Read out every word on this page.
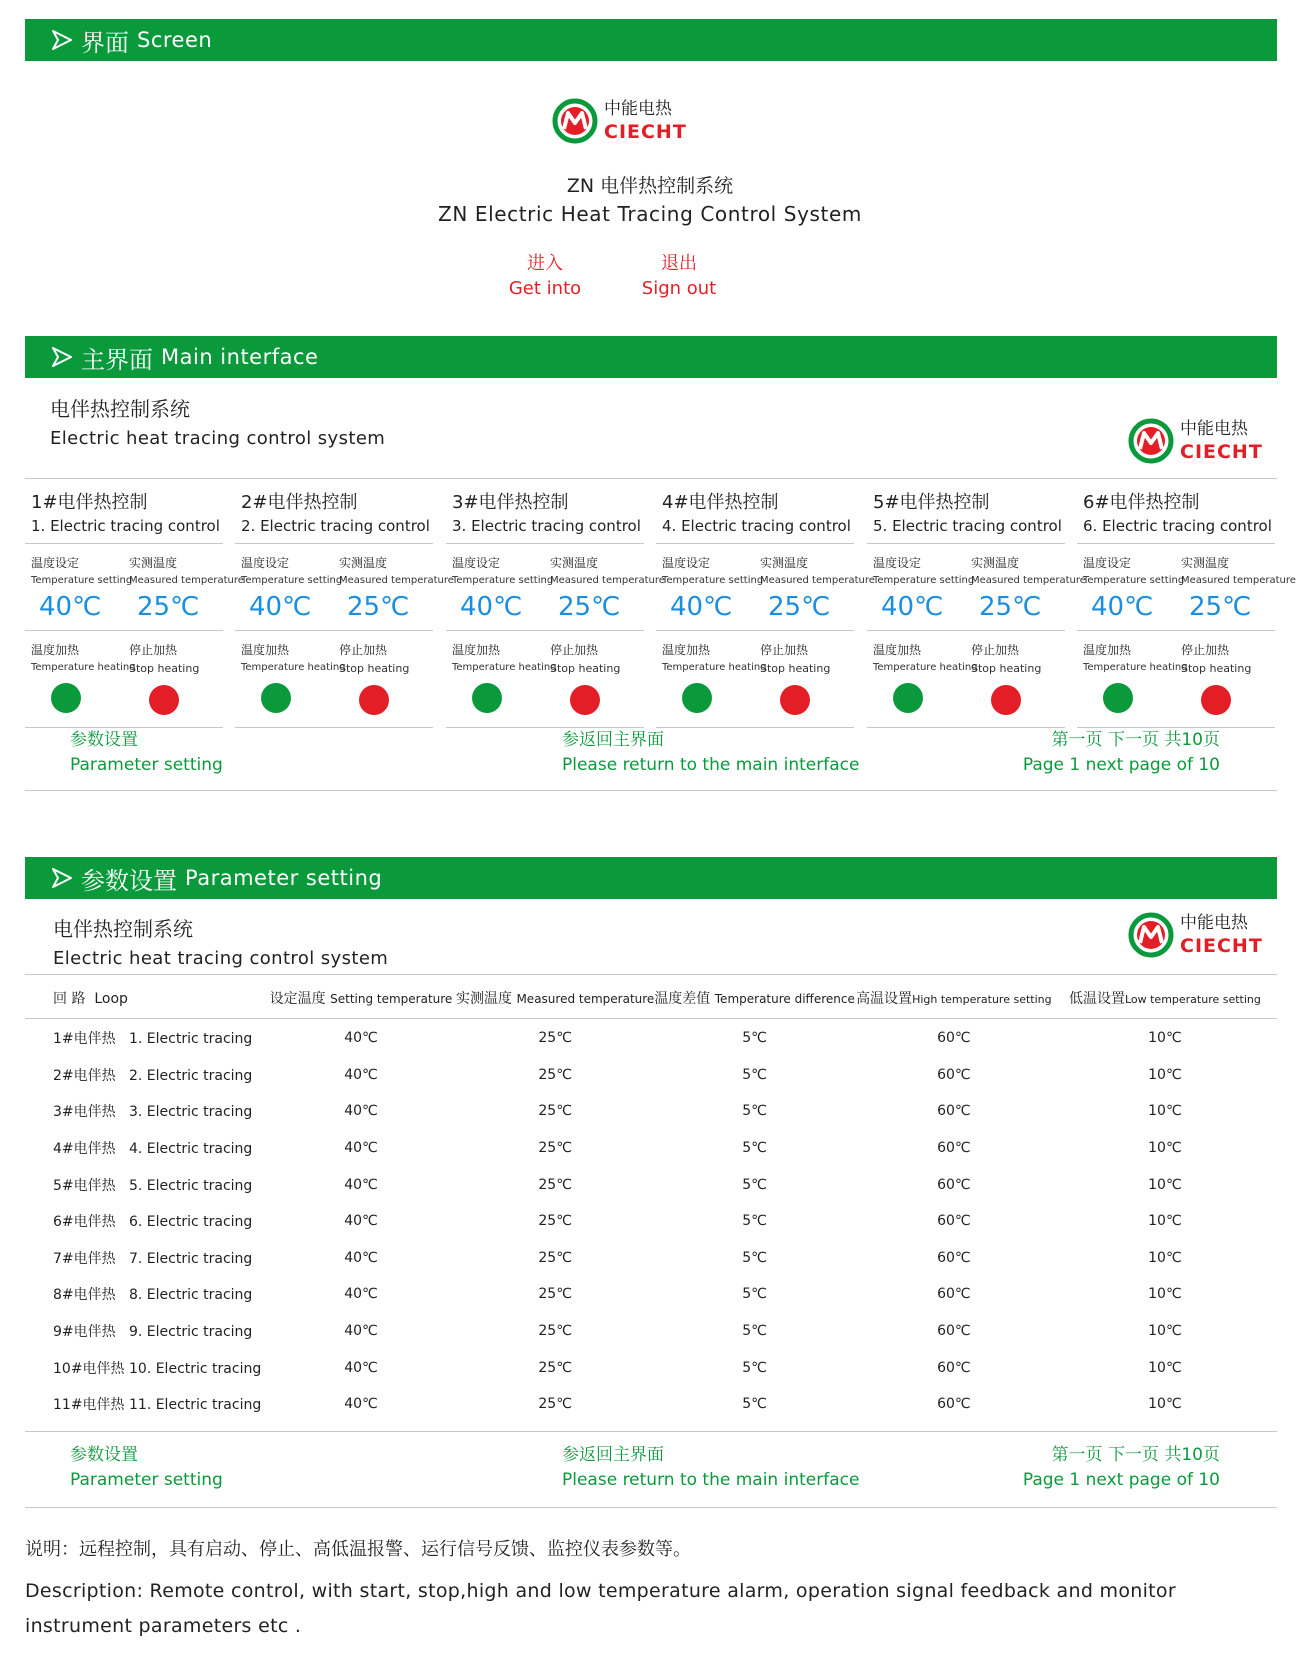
界面 Screen
中能电热
CIECHT
ZN 电伴热控制系统
ZN Electric Heat Tracing Control System
进入
Get into
退出
Sign out
主界面 Main interface
电伴热控制系统
Electric heat tracing control system	中能电热
CIECHT
1#电伴热控制
1. Electric tracing control
温度设定
Temperature setting
实测温度
Measured temperature
40℃	25℃
温度加热
Temperature heating
停止加热
Stop heating
2#电伴热控制
2. Electric tracing control
温度设定
Temperature setting
实测温度
Measured temperature
40℃	25℃
温度加热
Temperature heating
停止加热
Stop heating
3#电伴热控制
3. Electric tracing control
温度设定
Temperature setting
实测温度
Measured temperature
40℃	25℃
温度加热
Temperature heating
停止加热
Stop heating
4#电伴热控制
4. Electric tracing control
温度设定
Temperature setting
实测温度
Measured temperature
40℃	25℃
温度加热
Temperature heating
停止加热
Stop heating
5#电伴热控制
5. Electric tracing control
温度设定
Temperature setting
实测温度
Measured temperature
40℃	25℃
温度加热
Temperature heating
停止加热
Stop heating
6#电伴热控制
6. Electric tracing control
温度设定
Temperature setting
实测温度
Measured temperature
40℃	25℃
温度加热
Temperature heating
停止加热
Stop heating
参数设置
Parameter setting
参返回主界面
Please return to the main interface
第一页 下一页 共10页
Page 1 next page of 10
参数设置 Parameter setting
电伴热控制系统
Electric heat tracing control system
中能电热
CIECHT
回 路 Loop	设定温度 Setting temperature	实测温度 Measured temperature	温度差值 Temperature difference	高温设置High temperature setting	低温设置Low temperature setting
1#电伴热 1. Electric tracing	40℃	25℃	5℃	60℃	10℃
2#电伴热 2. Electric tracing	40℃	25℃	5℃	60℃	10℃
3#电伴热 3. Electric tracing	40℃	25℃	5℃	60℃	10℃
4#电伴热 4. Electric tracing	40℃	25℃	5℃	60℃	10℃
5#电伴热 5. Electric tracing	40℃	25℃	5℃	60℃	10℃
6#电伴热 6. Electric tracing	40℃	25℃	5℃	60℃	10℃
7#电伴热 7. Electric tracing	40℃	25℃	5℃	60℃	10℃
8#电伴热 8. Electric tracing	40℃	25℃	5℃	60℃	10℃
9#电伴热 9. Electric tracing	40℃	25℃	5℃	60℃	10℃
10#电伴热 10. Electric tracing	40℃	25℃	5℃	60℃	10℃
11#电伴热 11. Electric tracing	40℃	25℃	5℃	60℃	10℃
参数设置
Parameter setting
参返回主界面
Please return to the main interface
第一页 下一页 共10页
Page 1 next page of 10
说明：远程控制，具有启动、停止、高低温报警、运行信号反馈、监控仪表参数等。
Description: Remote control, with start, stop,high and low temperature alarm, operation signal feedback and monitor instrument parameters etc .
